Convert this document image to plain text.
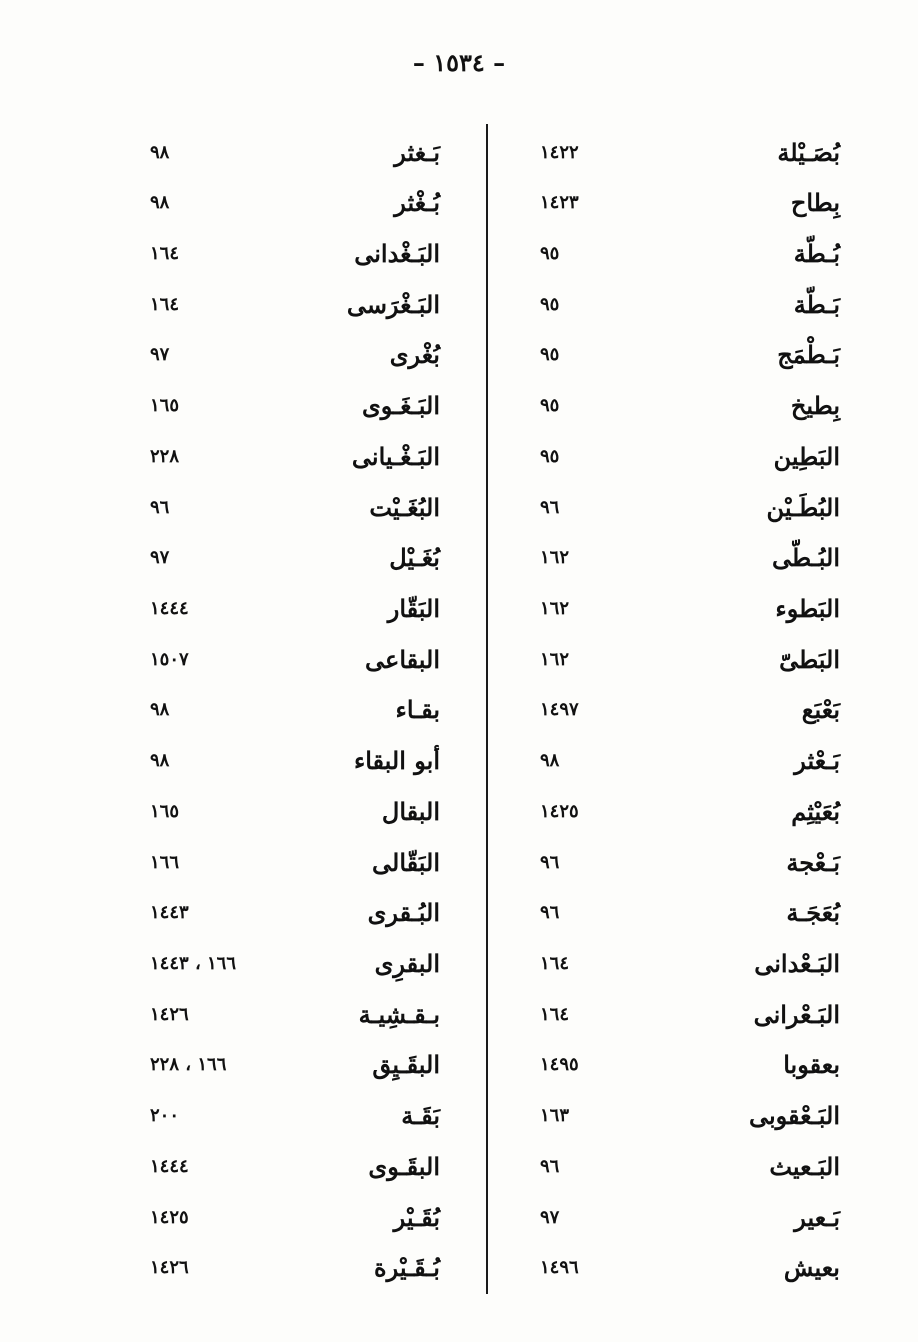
– ١٥٣٤ –
بُصَـيْلة
١٤٢٢
بِطاح
١٤٢٣
بُـطّة
٩٥
بَـطّة
٩٥
بَـطْمَج
٩٥
بِطيخ
٩٥
البَطِين
٩٥
البُطَـيْن
٩٦
البُـطّى
١٦٢
البَطوء
١٦٢
البَطىّ
١٦٢
بَعْبَع
١٤٩٧
بَـعْثر
٩٨
بُعَيْثِم
١٤٢٥
بَـعْجة
٩٦
بُعَجَـة
٩٦
البَـعْدانى
١٦٤
البَـعْرانى
١٦٤
بعقوبا
١٤٩٥
البَـعْقوبى
١٦٣
البَـعيث
٩٦
بَـعير
٩٧
بعيش
١٤٩٦
بَـغثر
٩٨
بُـغْثر
٩٨
البَـغْدانى
١٦٤
البَـغْرَسى
١٦٤
بُغْرى
٩٧
البَـغَـوى
١٦٥
البَـغْـيانى
٢٢٨
البُغَـيْت
٩٦
بُغَـيْل
٩٧
البَقّار
١٤٤٤
البقاعى
١٥٠٧
بقـاء
٩٨
أبو البقاء
٩٨
البقال
١٦٥
البَقّالى
١٦٦
البُـقرى
١٤٤٣
البقرِى
١٦٦ ، ١٤٤٣
بـقـشِيـة
١٤٢٦
البقَـيِق
١٦٦ ، ٢٢٨
بَقَـة
٢٠٠
البقَـوى
١٤٤٤
بُقَـيْر
١٤٢٥
بُـقَـيْرة
١٤٢٦
